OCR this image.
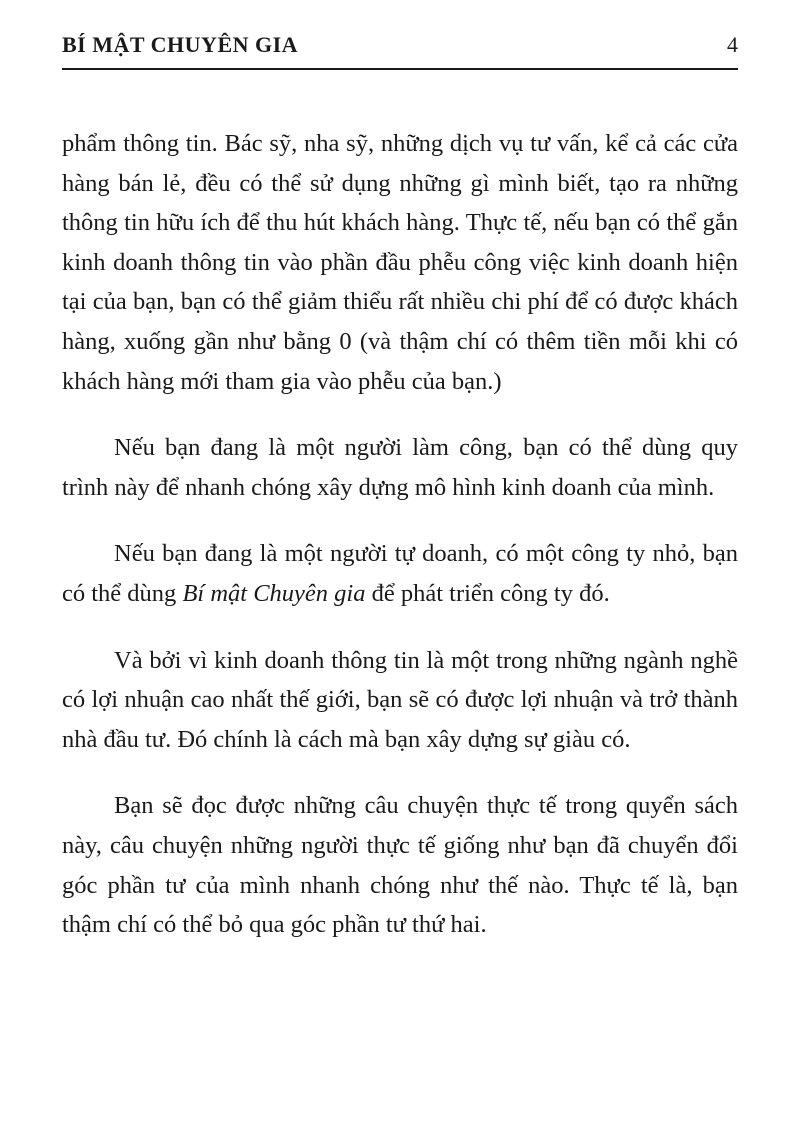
BÍ MẬT CHUYÊN GIA	4

phẩm thông tin. Bác sỹ, nha sỹ, những dịch vụ tư vấn, kể cả các cửa hàng bán lẻ, đều có thể sử dụng những gì mình biết, tạo ra những thông tin hữu ích để thu hút khách hàng. Thực tế, nếu bạn có thể gắn kinh doanh thông tin vào phần đầu phễu công việc kinh doanh hiện tại của bạn, bạn có thể giảm thiểu rất nhiều chi phí để có được khách hàng, xuống gần như bằng 0 (và thậm chí có thêm tiền mỗi khi có khách hàng mới tham gia vào phễu của bạn.)

Nếu bạn đang là một người làm công, bạn có thể dùng quy trình này để nhanh chóng xây dựng mô hình kinh doanh của mình.

Nếu bạn đang là một người tự doanh, có một công ty nhỏ, bạn có thể dùng Bí mật Chuyên gia để phát triển công ty đó.

Và bởi vì kinh doanh thông tin là một trong những ngành nghề có lợi nhuận cao nhất thế giới, bạn sẽ có được lợi nhuận và trở thành nhà đầu tư. Đó chính là cách mà bạn xây dựng sự giàu có.

Bạn sẽ đọc được những câu chuyện thực tế trong quyển sách này, câu chuyện những người thực tế giống như bạn đã chuyển đổi góc phần tư của mình nhanh chóng như thế nào. Thực tế là, bạn thậm chí có thể bỏ qua góc phần tư thứ hai.
